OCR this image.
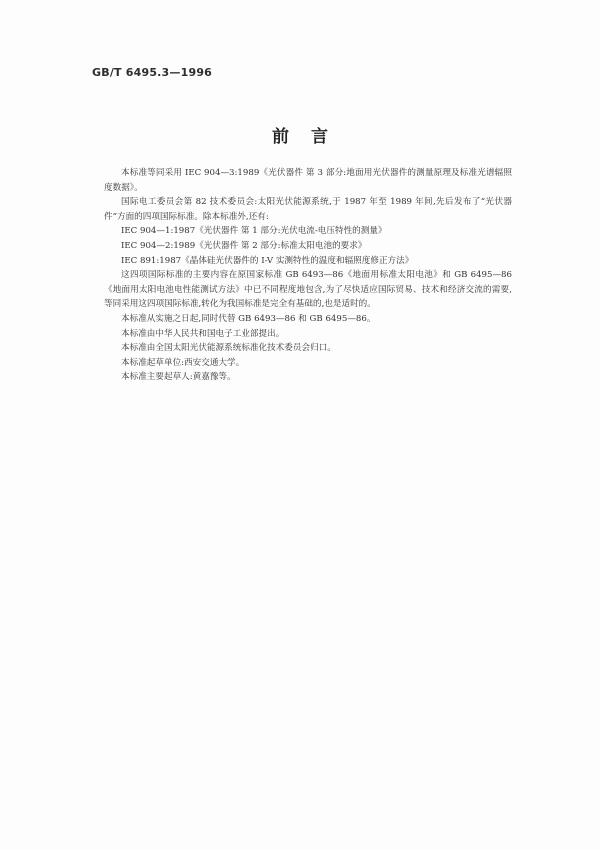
GB/T 6495.3—1996
前言

本标准等同采用 IEC 904—3:1989《光伏器件 第 3 部分:地面用光伏器件的测量原理及标准光谱辐照度数据》。

国际电工委员会第 82 技术委员会:太阳光伏能源系统,于 1987 年至 1989 年间,先后发布了“光伏器件”方面的四项国际标准。除本标准外,还有:

IEC 904—1:1987《光伏器件 第 1 部分:光伏电流-电压特性的测量》

IEC 904—2:1989《光伏器件 第 2 部分:标准太阳电池的要求》

IEC 891:1987《晶体硅光伏器件的 I-V 实测特性的温度和辐照度修正方法》

这四项国际标准的主要内容在原国家标准 GB 6493—86《地面用标准太阳电池》和 GB 6495—86《地面用太阳电池电性能测试方法》中已不同程度地包含,为了尽快适应国际贸易、技术和经济交流的需要,等同采用这四项国际标准,转化为我国标准是完全有基础的,也是适时的。

本标准从实施之日起,同时代替 GB 6493—86 和 GB 6495—86。

本标准由中华人民共和国电子工业部提出。

本标准由全国太阳光伏能源系统标准化技术委员会归口。

本标准起草单位:西安交通大学。

本标准主要起草人:黄嘉豫等。
